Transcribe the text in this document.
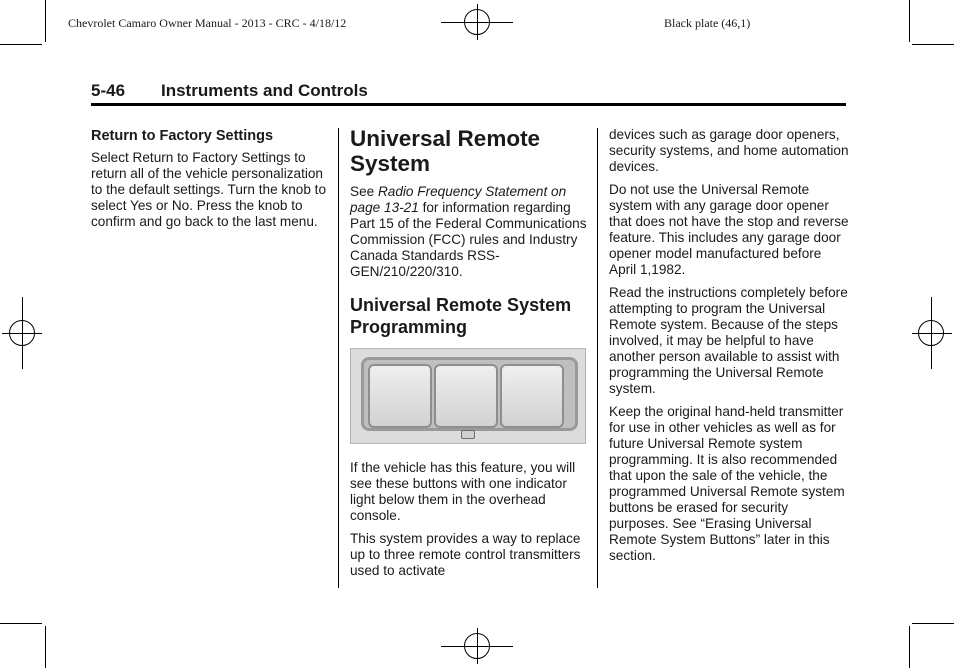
Chevrolet Camaro Owner Manual - 2013 - CRC - 4/18/12	Black plate (46,1)
5-46 Instruments and Controls
Return to Factory Settings

Select Return to Factory Settings to return all of the vehicle personalization to the default settings. Turn the knob to select Yes or No. Press the knob to confirm and go back to the last menu.

Universal Remote System

See Radio Frequency Statement on page 13-21 for information regarding Part 15 of the Federal Communications Commission (FCC) rules and Industry Canada Standards RSS-GEN/210/220/310.

Universal Remote System Programming

If the vehicle has this feature, you will see these buttons with one indicator light below them in the overhead console.

This system provides a way to replace up to three remote control transmitters used to activate

devices such as garage door openers, security systems, and home automation devices.

Do not use the Universal Remote system with any garage door opener that does not have the stop and reverse feature. This includes any garage door opener model manufactured before April 1,1982.

Read the instructions completely before attempting to program the Universal Remote system. Because of the steps involved, it may be helpful to have another person available to assist with programming the Universal Remote system.

Keep the original hand-held transmitter for use in other vehicles as well as for future Universal Remote system programming. It is also recommended that upon the sale of the vehicle, the programmed Universal Remote system buttons be erased for security purposes. See “Erasing Universal Remote System Buttons” later in this section.
